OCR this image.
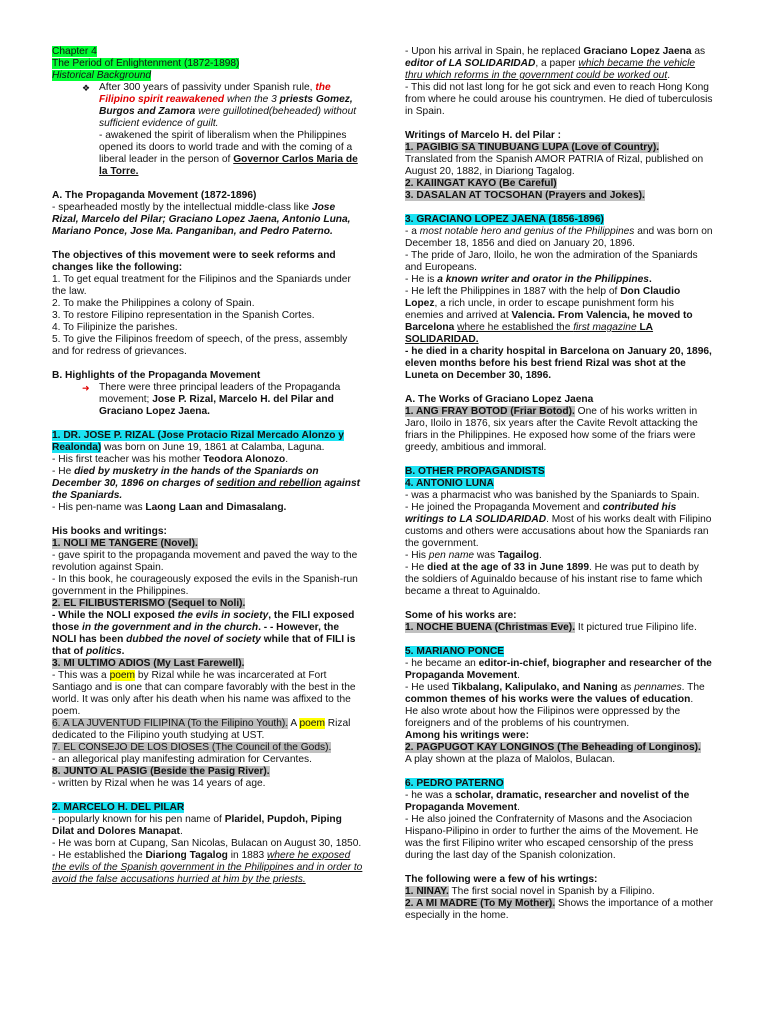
Chapter 4
The Period of Enlightenment (1872-1898)
Historical Background
❖ After 300 years of passivity under Spanish rule, the Filipino spirit reawakened when the 3 priests Gomez, Burgos and Zamora were guillotined(beheaded) without sufficient evidence of guilt.

- awakened the spirit of liberalism when the Philippines opened its doors to world trade and with the coming of a liberal leader in the person of Governor Carlos Maria de la Torre.

A. The Propaganda Movement (1872-1896)

- spearheaded mostly by the intellectual middle-class like Jose Rizal, Marcelo del Pilar; Graciano Lopez Jaena, Antonio Luna, Mariano Ponce, Jose Ma. Panganiban, and Pedro Paterno.

The objectives of this movement were to seek reforms and changes like the following:

1. To get equal treatment for the Filipinos and the Spaniards under the law.

2. To make the Philippines a colony of Spain.

3. To restore Filipino representation in the Spanish Cortes.

4. To Filipinize the parishes.

5. To give the Filipinos freedom of speech, of the press, assembly and for redress of grievances.

B. Highlights of the Propaganda Movement

➜ There were three principal leaders of the Propaganda movement; Jose P. Rizal, Marcelo H. del Pilar and Graciano Lopez Jaena.

1. DR. JOSE P. RIZAL (Jose Protacio Rizal Mercado Alonzo y Realonda) was born on June 19, 1861 at Calamba, Laguna.

- His first teacher was his mother Teodora Alonozo.

- He died by musketry in the hands of the Spaniards on December 30, 1896 on charges of sedition and rebellion against the Spaniards.

- His pen-name was Laong Laan and Dimasalang.

His books and writings:

1. NOLI ME TANGERE (Novel).

- gave spirit to the propaganda movement and paved the way to the revolution against Spain.

- In this book, he courageously exposed the evils in the Spanish-run government in the Philippines.

2. EL FILIBUSTERISMO (Sequel to Noli).

- While the NOLI exposed the evils in society, the FILI exposed those in the government and in the church. - - However, the NOLI has been dubbed the novel of society while that of FILI is that of politics.

3. MI ULTIMO ADIOS (My Last Farewell).

- This was a poem by Rizal while he was incarcerated at Fort Santiago and is one that can compare favorably with the best in the world. It was only after his death when his name was affixed to the poem.

6. A LA JUVENTUD FILIPINA (To the Filipino Youth). A poem Rizal dedicated to the Filipino youth studying at UST.

7. EL CONSEJO DE LOS DIOSES (The Council of the Gods).

- an allegorical play manifesting admiration for Cervantes.

8. JUNTO AL PASIG (Beside the Pasig River).

- written by Rizal when he was 14 years of age.

2. MARCELO H. DEL PILAR

- popularly known for his pen name of Plaridel, Pupdoh, Piping Dilat and Dolores Manapat.

- He was born at Cupang, San Nicolas, Bulacan on August 30, 1850.

- He established the Diariong Tagalog in 1883 where he exposed the evils of the Spanish government in the Philippines and in order to avoid the false accusations hurried at him by the priests.

- Upon his arrival in Spain, he replaced Graciano Lopez Jaena as editor of LA SOLIDARIDAD, a paper which became the vehicle thru which reforms in the government could be worked out.

- This did not last long for he got sick and even to reach Hong Kong from where he could arouse his countrymen. He died of tuberculosis in Spain.

Writings of Marcelo H. del Pilar :

1. PAGIBIG SA TINUBUANG LUPA (Love of Country).

Translated from the Spanish AMOR PATRIA of Rizal, published on August 20, 1882, in Diariong Tagalog.

2. KAIINGAT KAYO (Be Careful)

3. DASALAN AT TOCSOHAN (Prayers and Jokes).

3. GRACIANO LOPEZ JAENA (1856-1896)

- a most notable hero and genius of the Philippines and was born on December 18, 1856 and died on January 20, 1896.

- The pride of Jaro, Iloilo, he won the admiration of the Spaniards and Europeans.

- He is a known writer and orator in the Philippines.

- He left the Philippines in 1887 with the help of Don Claudio Lopez, a rich uncle, in order to escape punishment form his enemies and arrived at Valencia. From Valencia, he moved to Barcelona where he established the first magazine LA SOLIDARIDAD.

- he died in a charity hospital in Barcelona on January 20, 1896, eleven months before his best friend Rizal was shot at the Luneta on December 30, 1896.

A. The Works of Graciano Lopez Jaena

1. ANG FRAY BOTOD (Friar Botod). One of his works written in Jaro, Iloilo in 1876, six years after the Cavite Revolt attacking the friars in the Philippines. He exposed how some of the friars were greedy, ambitious and immoral.

B. OTHER PROPAGANDISTS

4. ANTONIO LUNA

- was a pharmacist who was banished by the Spaniards to Spain.

- He joined the Propaganda Movement and contributed his writings to LA SOLIDARIDAD. Most of his works dealt with Filipino customs and others were accusations about how the Spaniards ran the government.

- His pen name was Tagailog.

- He died at the age of 33 in June 1899. He was put to death by the soldiers of Aguinaldo because of his instant rise to fame which became a threat to Aguinaldo.

Some of his works are:

1. NOCHE BUENA (Christmas Eve). It pictured true Filipino life.

5. MARIANO PONCE

- he became an editor-in-chief, biographer and researcher of the Propaganda Movement.

- He used Tikbalang, Kalipulako, and Naning as pennames. The common themes of his works were the values of education.

He also wrote about how the Filipinos were oppressed by the foreigners and of the problems of his countrymen.

Among his writings were:

2. PAGPUGOT KAY LONGINOS (The Beheading of Longinos).

A play shown at the plaza of Malolos, Bulacan.

6. PEDRO PATERNO

- he was a scholar, dramatic, researcher and novelist of the Propaganda Movement.

- He also joined the Confraternity of Masons and the Asociacion Hispano-Pilipino in order to further the aims of the Movement. He was the first Filipino writer who escaped censorship of the press during the last day of the Spanish colonization.

The following were a few of his wrtings:

1. NINAY. The first social novel in Spanish by a Filipino.

2. A MI MADRE (To My Mother). Shows the importance of a mother especially in the home.
